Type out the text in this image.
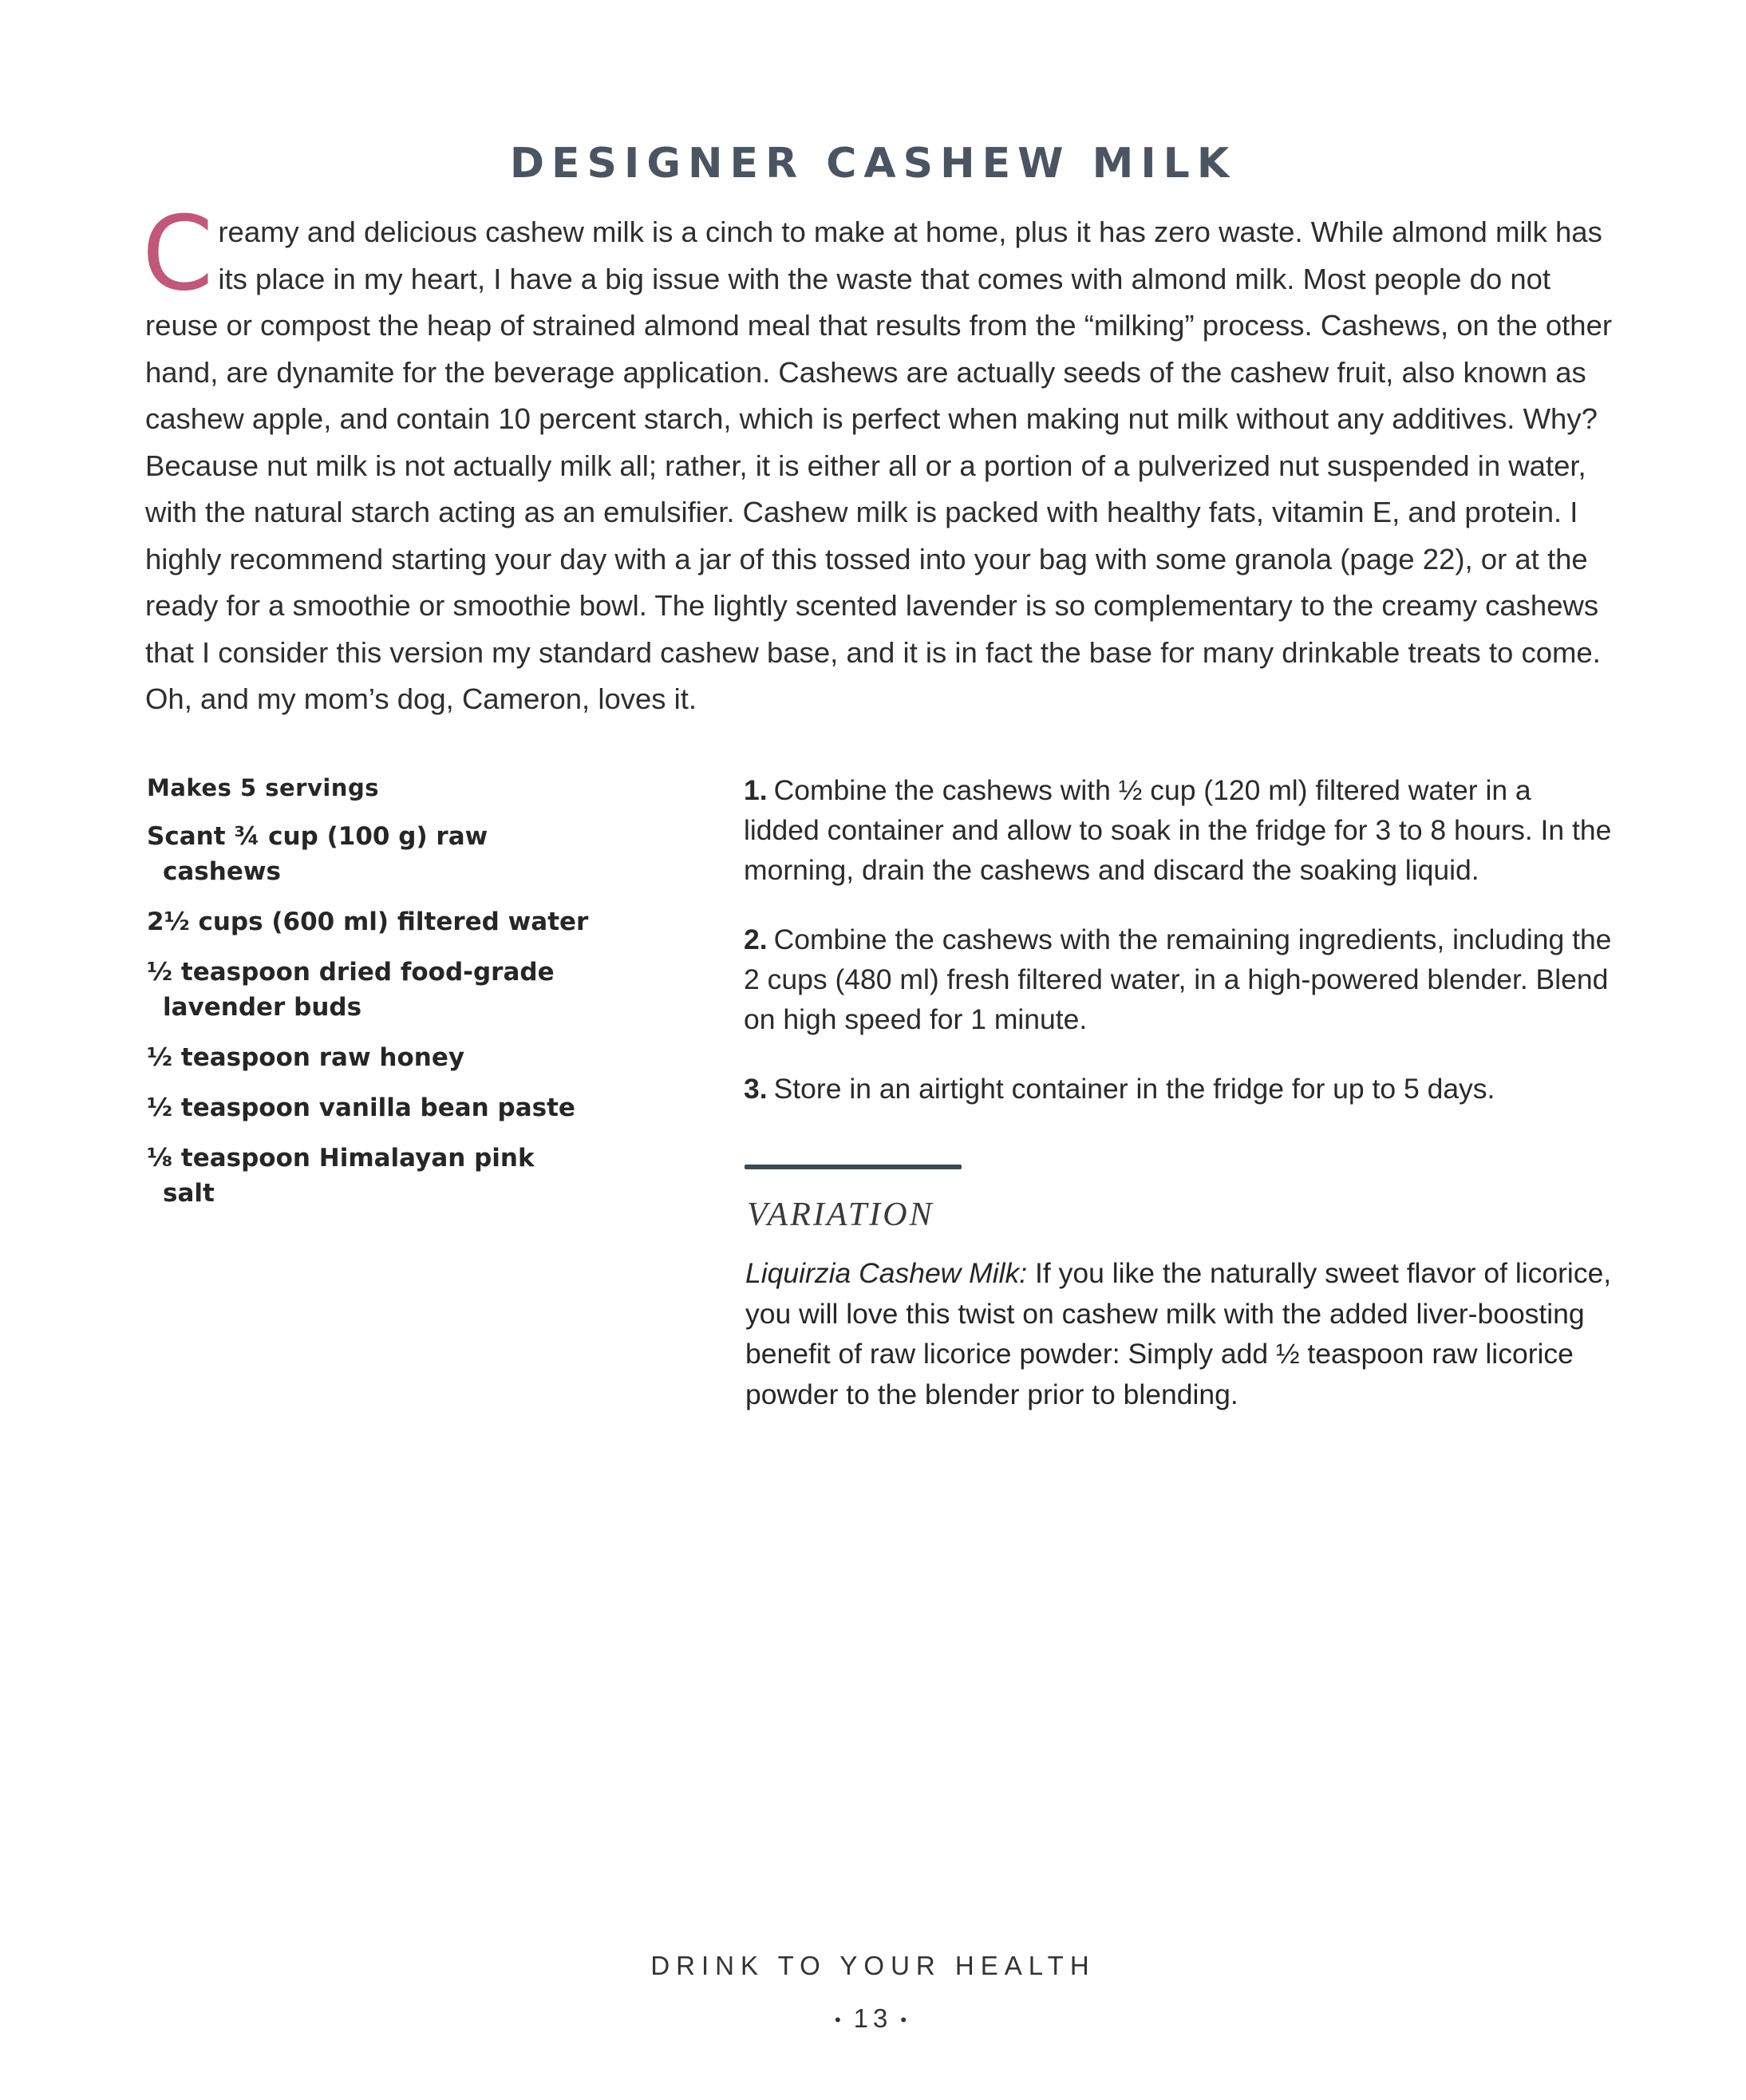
DESIGNER CASHEW MILK
Creamy and delicious cashew milk is a cinch to make at home, plus it has zero waste. While almond milk has its place in my heart, I have a big issue with the waste that comes with almond milk. Most people do not reuse or compost the heap of strained almond meal that results from the “milking” process. Cashews, on the other hand, are dynamite for the beverage application. Cashews are actually seeds of the cashew fruit, also known as cashew apple, and contain 10 percent starch, which is perfect when making nut milk without any additives. Why? Because nut milk is not actually milk all; rather, it is either all or a portion of a pulverized nut suspended in water, with the natural starch acting as an emulsifier. Cashew milk is packed with healthy fats, vitamin E, and protein. I highly recommend starting your day with a jar of this tossed into your bag with some granola (page 22), or at the ready for a smoothie or smoothie bowl. The lightly scented lavender is so complementary to the creamy cashews that I consider this version my standard cashew base, and it is in fact the base for many drinkable treats to come. Oh, and my mom’s dog, Cameron, loves it.
Makes 5 servings
Scant ¾ cup (100 g) raw cashews
2½ cups (600 ml) filtered water
½ teaspoon dried food-grade lavender buds
½ teaspoon raw honey
½ teaspoon vanilla bean paste
⅛ teaspoon Himalayan pink salt
1. Combine the cashews with ½ cup (120 ml) filtered water in a lidded container and allow to soak in the fridge for 3 to 8 hours. In the morning, drain the cashews and discard the soaking liquid.
2. Combine the cashews with the remaining ingredients, including the 2 cups (480 ml) fresh filtered water, in a high-powered blender. Blend on high speed for 1 minute.
3. Store in an airtight container in the fridge for up to 5 days.
VARIATION
Liquirzia Cashew Milk: If you like the naturally sweet flavor of licorice, you will love this twist on cashew milk with the added liver-boosting benefit of raw licorice powder: Simply add ½ teaspoon raw licorice powder to the blender prior to blending.
DRINK TO YOUR HEALTH
• 13 •
